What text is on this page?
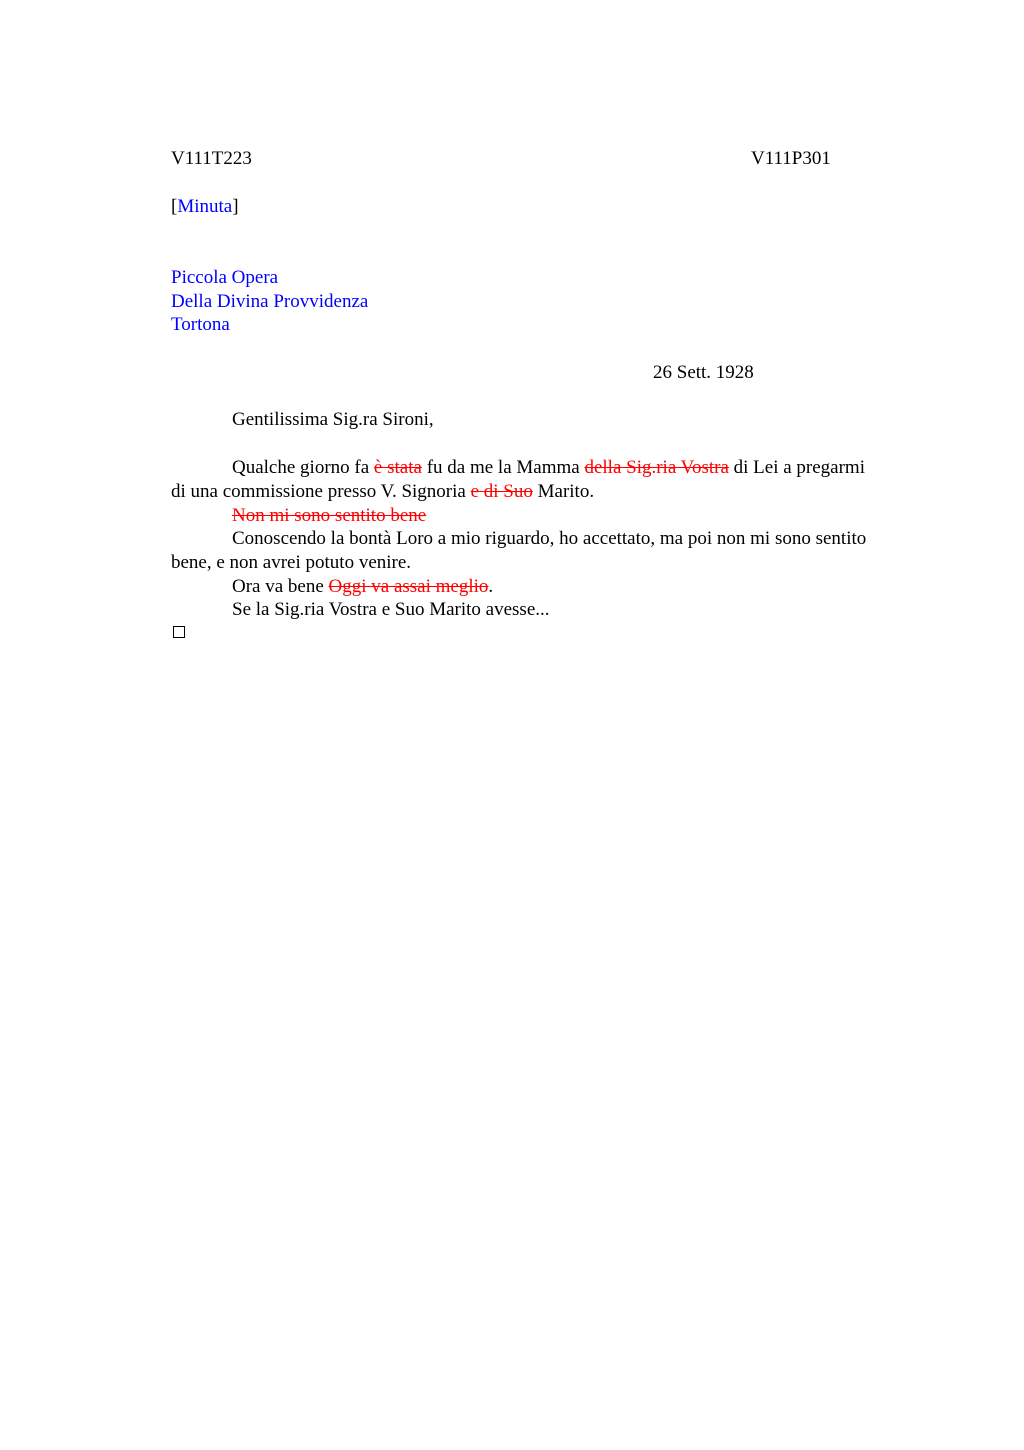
V111T223	V111P301
[Minuta]
Piccola Opera
Della Divina Provvidenza
Tortona
26 Sett. 1928
Gentilissima Sig.ra Sironi,
Qualche giorno fa è stata fu da me la Mamma della Sig.ria Vostra di Lei a pregarmi
di una commissione presso V. Signoria e di Suo Marito.
Non mi sono sentito bene
Conoscendo la bontà Loro a mio riguardo, ho accettato, ma poi non mi sono sentito
bene, e non avrei potuto venire.
Ora va bene Oggi va assai meglio.
Se la Sig.ria Vostra e Suo Marito avesse...
